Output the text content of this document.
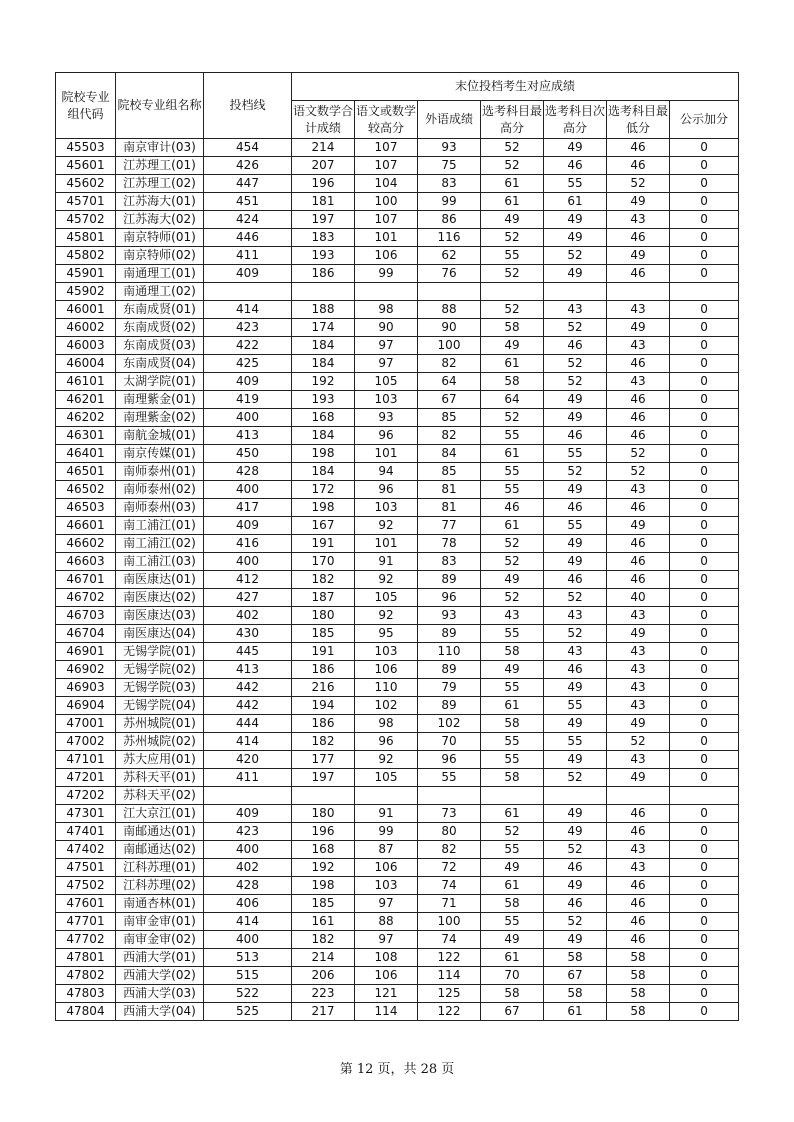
院校专业组代码	院校专业组名称	投档线	末位投档考生对应成绩						
			语文数学合计成绩	语文或数学较高分	外语成绩	选考科目最高分	选考科目次高分	选考科目最低分	公示加分
45503	南京审计(03)	454	214	107	93	52	49	46	0
45601	江苏理工(01)	426	207	107	75	52	46	46	0
45602	江苏理工(02)	447	196	104	83	61	55	52	0
45701	江苏海大(01)	451	181	100	99	61	61	49	0
45702	江苏海大(02)	424	197	107	86	49	49	43	0
45801	南京特师(01)	446	183	101	116	52	49	46	0
45802	南京特师(02)	411	193	106	62	55	52	49	0
45901	南通理工(01)	409	186	99	76	52	49	46	0
45902	南通理工(02)								
46001	东南成贤(01)	414	188	98	88	52	43	43	0
46002	东南成贤(02)	423	174	90	90	58	52	49	0
46003	东南成贤(03)	422	184	97	100	49	46	43	0
46004	东南成贤(04)	425	184	97	82	61	52	46	0
46101	太湖学院(01)	409	192	105	64	58	52	43	0
46201	南理紫金(01)	419	193	103	67	64	49	46	0
46202	南理紫金(02)	400	168	93	85	52	49	46	0
46301	南航金城(01)	413	184	96	82	55	46	46	0
46401	南京传媒(01)	450	198	101	84	61	55	52	0
46501	南师泰州(01)	428	184	94	85	55	52	52	0
46502	南师泰州(02)	400	172	96	81	55	49	43	0
46503	南师泰州(03)	417	198	103	81	46	46	46	0
46601	南工浦江(01)	409	167	92	77	61	55	49	0
46602	南工浦江(02)	416	191	101	78	52	49	46	0
46603	南工浦江(03)	400	170	91	83	52	49	46	0
46701	南医康达(01)	412	182	92	89	49	46	46	0
46702	南医康达(02)	427	187	105	96	52	52	40	0
46703	南医康达(03)	402	180	92	93	43	43	43	0
46704	南医康达(04)	430	185	95	89	55	52	49	0
46901	无锡学院(01)	445	191	103	110	58	43	43	0
46902	无锡学院(02)	413	186	106	89	49	46	43	0
46903	无锡学院(03)	442	216	110	79	55	49	43	0
46904	无锡学院(04)	442	194	102	89	61	55	43	0
47001	苏州城院(01)	444	186	98	102	58	49	49	0
47002	苏州城院(02)	414	182	96	70	55	55	52	0
47101	苏大应用(01)	420	177	92	96	55	49	43	0
47201	苏科天平(01)	411	197	105	55	58	52	49	0
47202	苏科天平(02)								
47301	江大京江(01)	409	180	91	73	61	49	46	0
47401	南邮通达(01)	423	196	99	80	52	49	46	0
47402	南邮通达(02)	400	168	87	82	55	52	43	0
47501	江科苏理(01)	402	192	106	72	49	46	43	0
47502	江科苏理(02)	428	198	103	74	61	49	46	0
47601	南通杏林(01)	406	185	97	71	58	46	46	0
47701	南审金审(01)	414	161	88	100	55	52	46	0
47702	南审金审(02)	400	182	97	74	49	49	46	0
47801	西浦大学(01)	513	214	108	122	61	58	58	0
47802	西浦大学(02)	515	206	106	114	70	67	58	0
47803	西浦大学(03)	522	223	121	125	58	58	58	0
47804	西浦大学(04)	525	217	114	122	67	61	58	0
第 12 页，共 28 页
